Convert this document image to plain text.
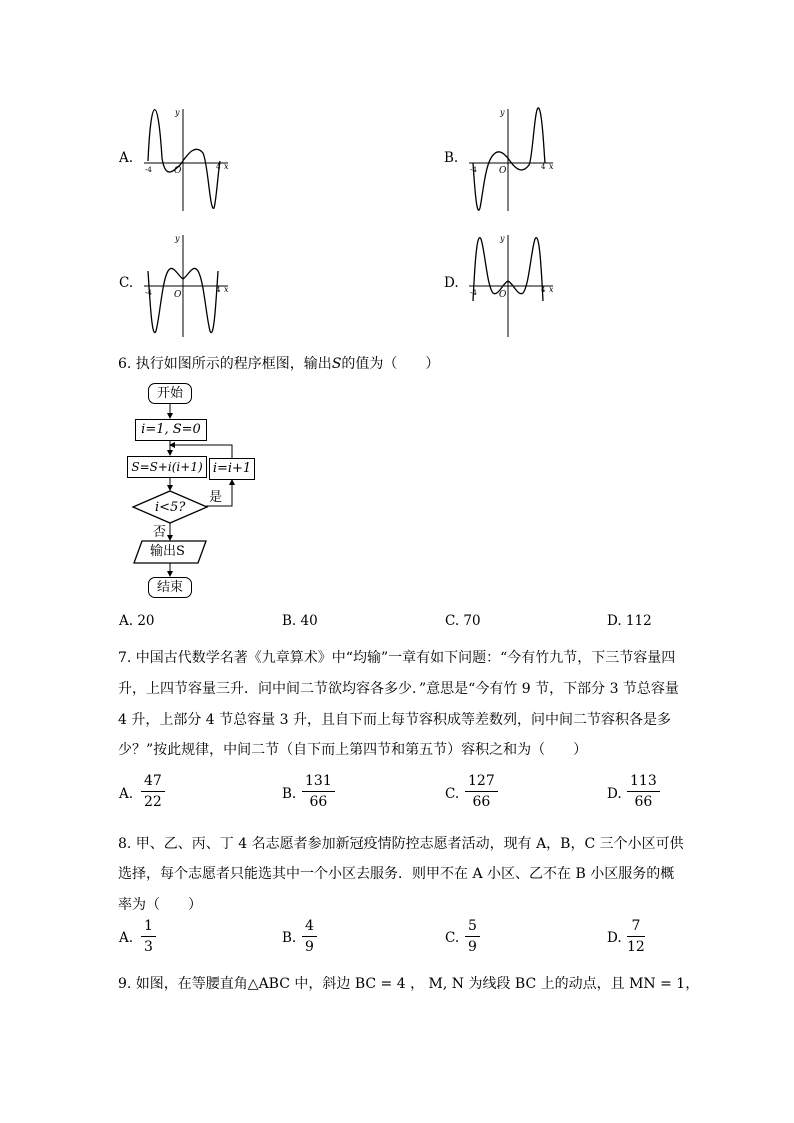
A.	B.
C.	D.
y
x
O
-4	4
y
x
O
-4	4
y
x
O
-4	4
y
x
O
-4	4
6. 执行如图所示的程序框图，输出S的值为（　　）
开始
i=1, S=0
S=S+i(i+1) i=i+1
i<5?
是
否
输出S
结束
A. 20	B. 40	C. 70	D. 112
7. 中国古代数学名著《九章算术》中“均输”一章有如下问题：“今有竹九节，下三节容量四
升，上四节容量三升．问中间二节欲均容各多少．”意思是“今有竹 9 节，下部分 3 节总容量
4 升，上部分 4 节总容量 3 升，且自下而上每节容积成等差数列，问中间二节容积各是多
少？”按此规律，中间二节（自下而上第四节和第五节）容积之和为（　　）
A.
47
22	B.
131
66	C.
127
66	D.
113
66
8. 甲、乙、丙、丁 4 名志愿者参加新冠疫情防控志愿者活动，现有 A，B，C 三个小区可供
选择，每个志愿者只能选其中一个小区去服务．则甲不在 A 小区、乙不在 B 小区服务的概
率为（　　）
A.
1
3
B.
4
9
C.
5
9
D.
7
12
9. 如图，在等腰直角△ABC 中，斜边 BC = 4 ， M, N 为线段 BC 上的动点，且 MN = 1，
